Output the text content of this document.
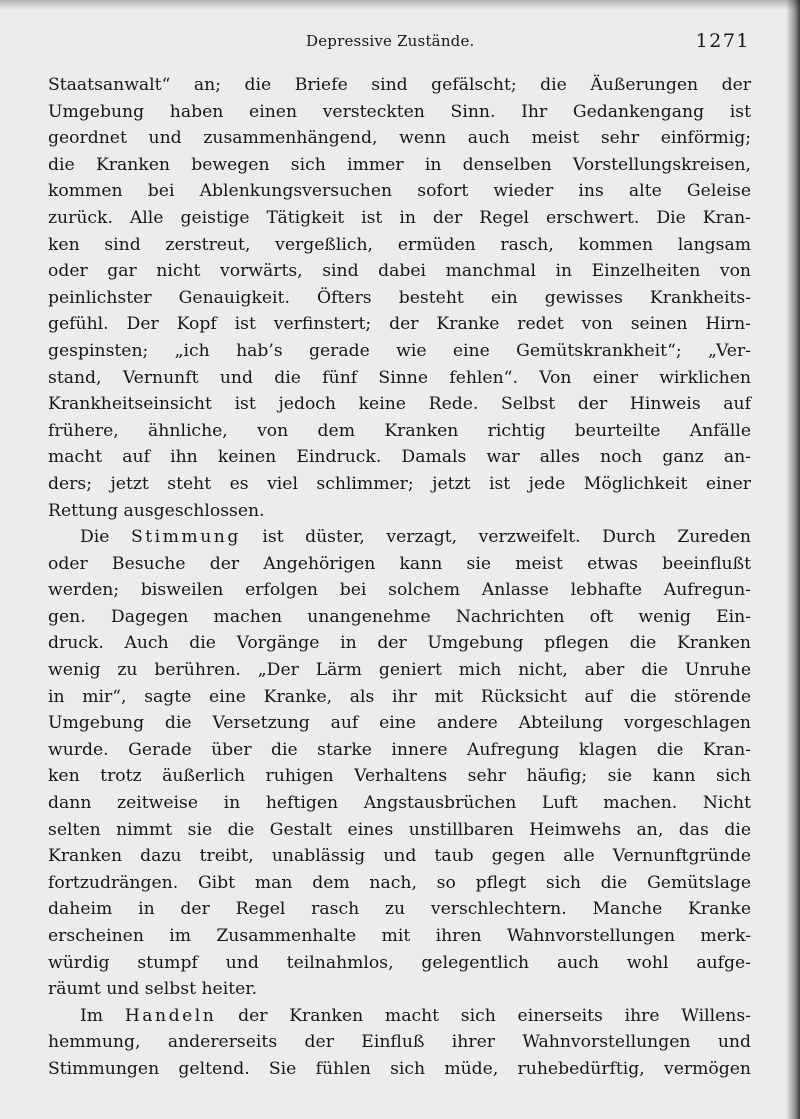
Depressive Zustände.	1271
Staatsanwalt“ an; die Briefe sind gefälscht; die Äußerungen der
Umgebung haben einen versteckten Sinn. Ihr Gedankengang ist
geordnet und zusammenhängend, wenn auch meist sehr einförmig;
die Kranken bewegen sich immer in denselben Vorstellungskreisen,
kommen bei Ablenkungsversuchen sofort wieder ins alte Geleise
zurück. Alle geistige Tätigkeit ist in der Regel erschwert. Die Kran-
ken sind zerstreut, vergeßlich, ermüden rasch, kommen langsam
oder gar nicht vorwärts, sind dabei manchmal in Einzelheiten von
peinlichster Genauigkeit. Öfters besteht ein gewisses Krankheits-
gefühl. Der Kopf ist verfinstert; der Kranke redet von seinen Hirn-
gespinsten; „ich hab’s gerade wie eine Gemütskrankheit“; „Ver-
stand, Vernunft und die fünf Sinne fehlen“. Von einer wirklichen
Krankheitseinsicht ist jedoch keine Rede. Selbst der Hinweis auf
frühere, ähnliche, von dem Kranken richtig beurteilte Anfälle
macht auf ihn keinen Eindruck. Damals war alles noch ganz an-
ders; jetzt steht es viel schlimmer; jetzt ist jede Möglichkeit einer
Rettung ausgeschlossen.
Die Stimmung ist düster, verzagt, verzweifelt. Durch Zureden
oder Besuche der Angehörigen kann sie meist etwas beeinflußt
werden; bisweilen erfolgen bei solchem Anlasse lebhafte Aufregun-
gen. Dagegen machen unangenehme Nachrichten oft wenig Ein-
druck. Auch die Vorgänge in der Umgebung pflegen die Kranken
wenig zu berühren. „Der Lärm geniert mich nicht, aber die Unruhe
in mir“, sagte eine Kranke, als ihr mit Rücksicht auf die störende
Umgebung die Versetzung auf eine andere Abteilung vorgeschlagen
wurde. Gerade über die starke innere Aufregung klagen die Kran-
ken trotz äußerlich ruhigen Verhaltens sehr häufig; sie kann sich
dann zeitweise in heftigen Angstausbrüchen Luft machen. Nicht
selten nimmt sie die Gestalt eines unstillbaren Heimwehs an, das die
Kranken dazu treibt, unablässig und taub gegen alle Vernunftgründe
fortzudrängen. Gibt man dem nach, so pflegt sich die Gemütslage
daheim in der Regel rasch zu verschlechtern. Manche Kranke
erscheinen im Zusammenhalte mit ihren Wahnvorstellungen merk-
würdig stumpf und teilnahmlos, gelegentlich auch wohl aufge-
räumt und selbst heiter.
Im Handeln der Kranken macht sich einerseits ihre Willens-
hemmung, andererseits der Einfluß ihrer Wahnvorstellungen und
Stimmungen geltend. Sie fühlen sich müde, ruhebedürftig, vermögen
